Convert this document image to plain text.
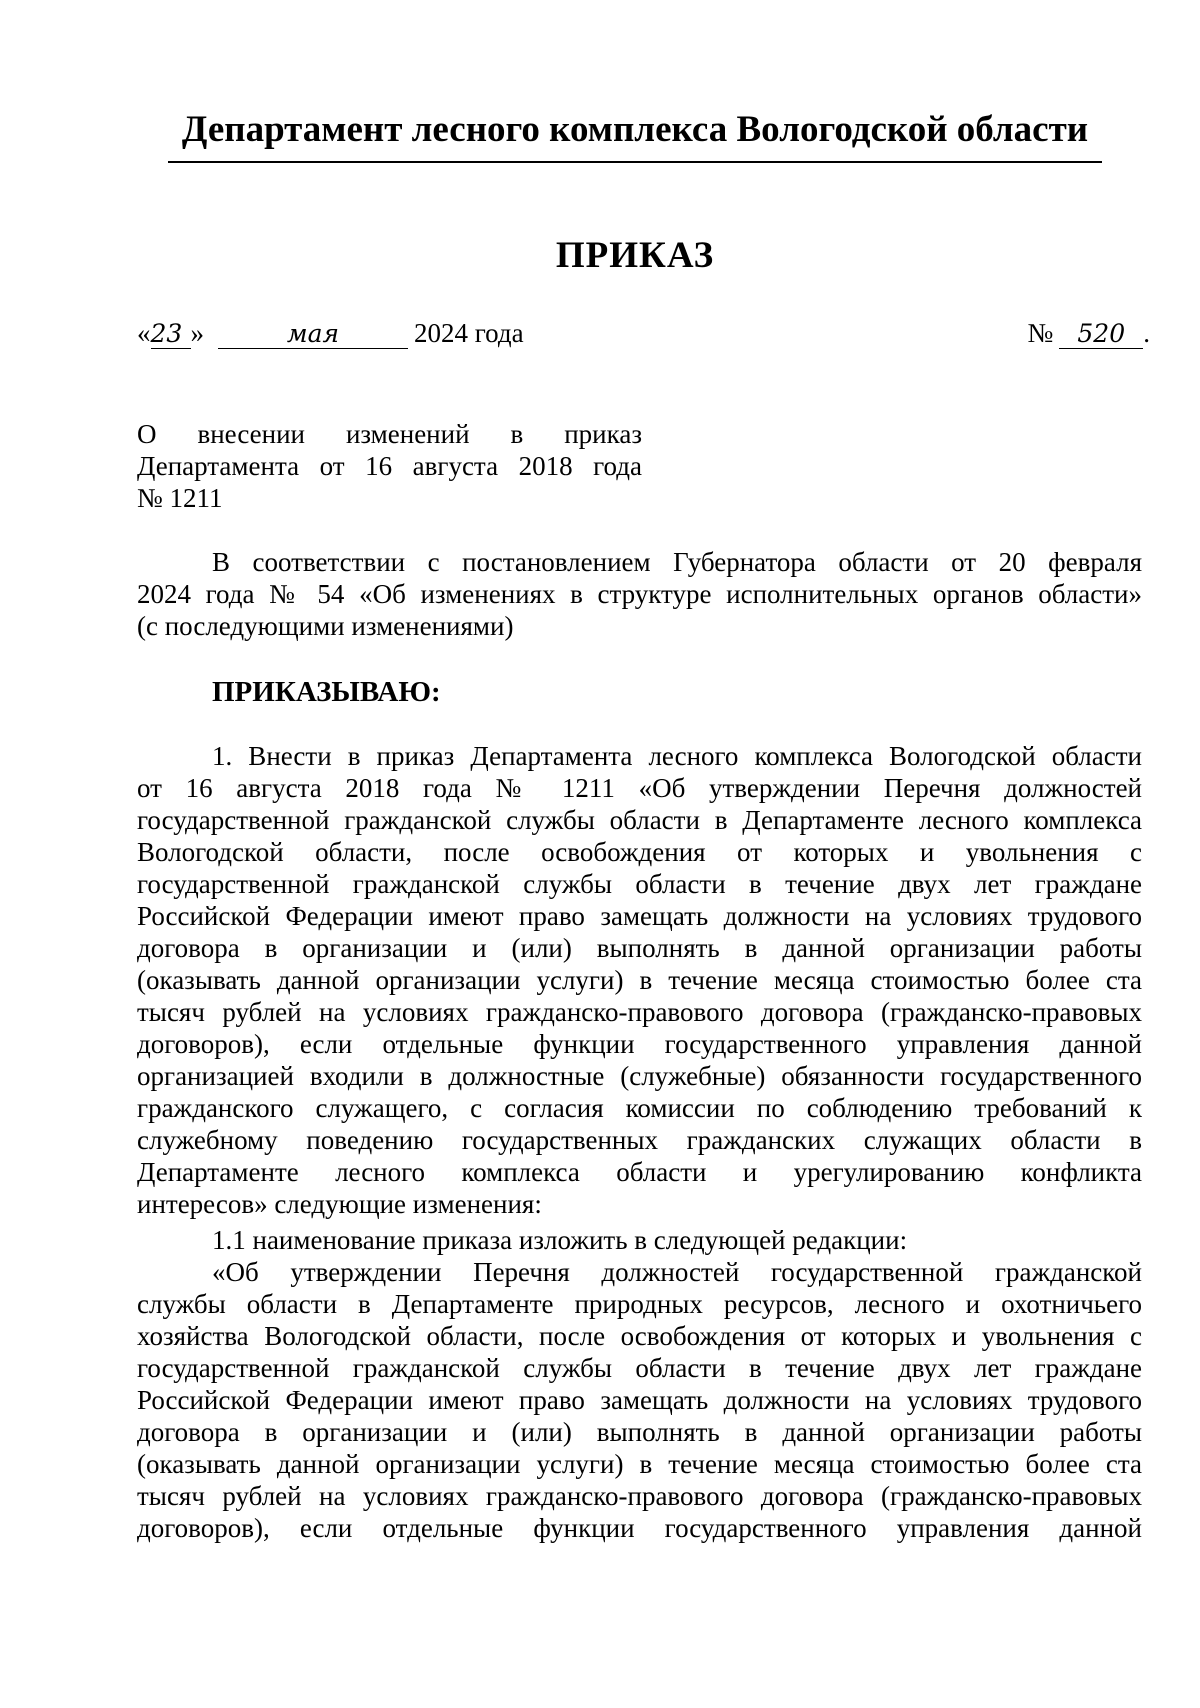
Департамент лесного комплекса Вологодской области
ПРИКАЗ
«23 »	мая	2024 года	№ 520 .
О внесении изменений в приказ
Департамента от 16 августа 2018 года
№ 1211
В соответствии с постановлением Губернатора области от 20 февраля
2024 года № 54 «Об изменениях в структуре исполнительных органов области»
(с последующими изменениями)
ПРИКАЗЫВАЮ:
1. Внести в приказ Департамента лесного комплекса Вологодской области
от 16 августа 2018 года № 1211 «Об утверждении Перечня должностей
государственной гражданской службы области в Департаменте лесного комплекса
Вологодской области, после освобождения от которых и увольнения с
государственной гражданской службы области в течение двух лет граждане
Российской Федерации имеют право замещать должности на условиях трудового
договора в организации и (или) выполнять в данной организации работы
(оказывать данной организации услуги) в течение месяца стоимостью более ста
тысяч рублей на условиях гражданско-правового договора (гражданско-правовых
договоров), если отдельные функции государственного управления данной
организацией входили в должностные (служебные) обязанности государственного
гражданского служащего, с согласия комиссии по соблюдению требований к
служебному поведению государственных гражданских служащих области в
Департаменте лесного комплекса области и урегулированию конфликта
интересов» следующие изменения:
1.1 наименование приказа изложить в следующей редакции:
«Об утверждении Перечня должностей государственной гражданской
службы области в Департаменте природных ресурсов, лесного и охотничьего
хозяйства Вологодской области, после освобождения от которых и увольнения с
государственной гражданской службы области в течение двух лет граждане
Российской Федерации имеют право замещать должности на условиях трудового
договора в организации и (или) выполнять в данной организации работы
(оказывать данной организации услуги) в течение месяца стоимостью более ста
тысяч рублей на условиях гражданско-правового договора (гражданско-правовых
договоров), если отдельные функции государственного управления данной
